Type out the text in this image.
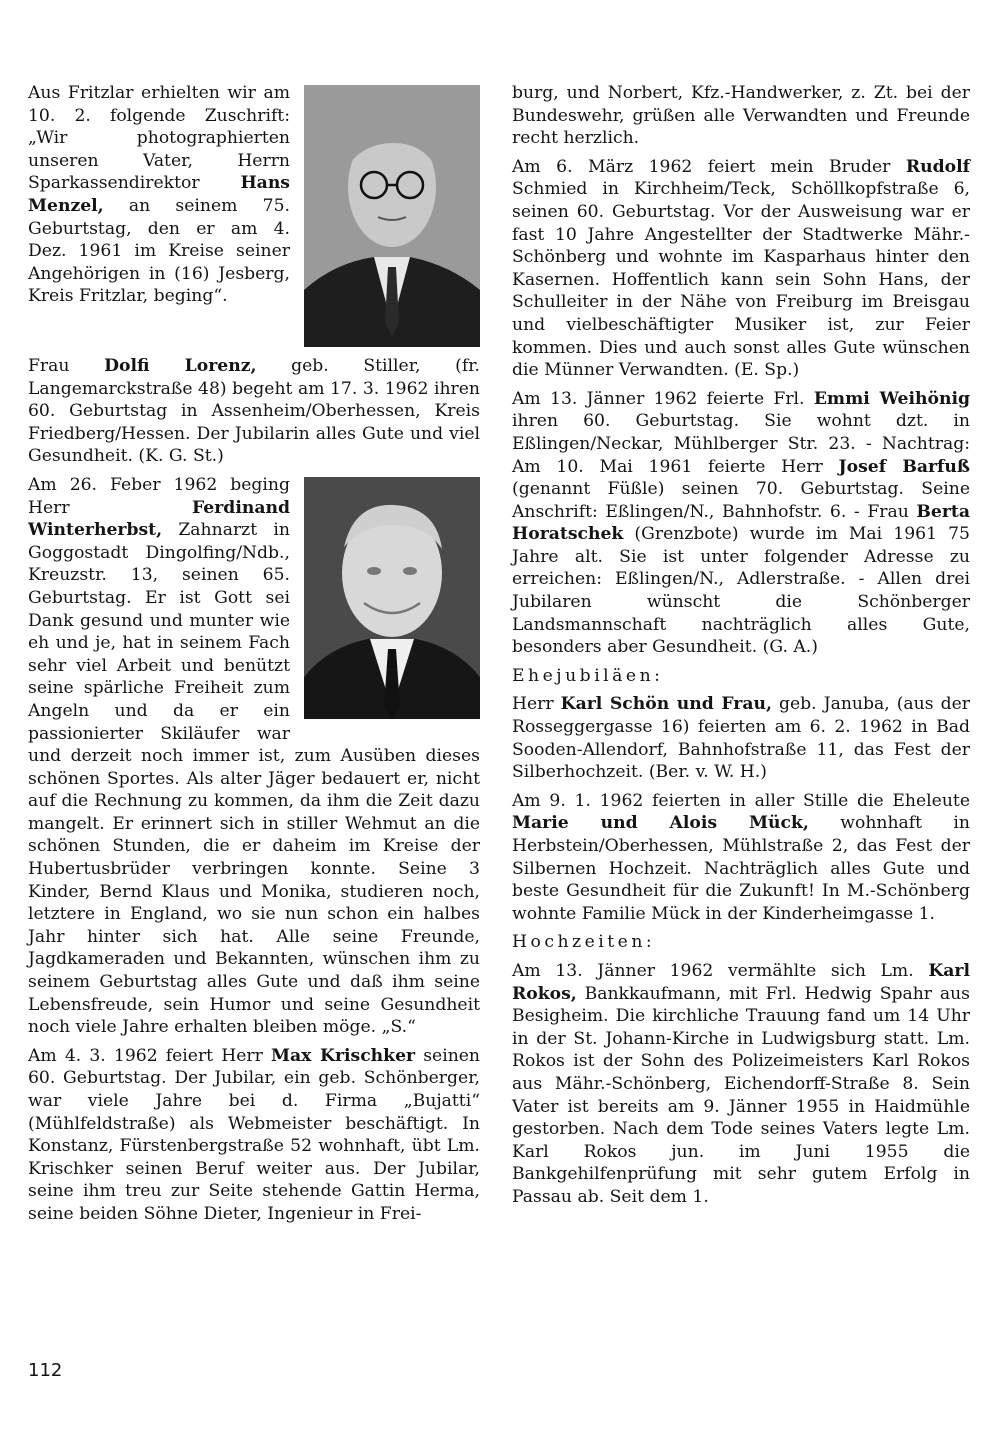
Aus Fritzlar erhielten wir am 10. 2. folgende Zuschrift: „Wir photographierten unseren Vater, Herrn Sparkassendirektor Hans Menzel, an seinem 75. Geburtstag, den er am 4. Dez. 1961 im Kreise seiner Angehörigen in (16) Jesberg, Kreis Fritzlar, beging“.

Frau Dolfi Lorenz, geb. Stiller, (fr. Langemarckstraße 48) begeht am 17. 3. 1962 ihren 60. Geburtstag in Assenheim/Oberhessen, Kreis Friedberg/Hessen. Der Jubilarin alles Gute und viel Gesundheit. (K. G. St.)

Am 26. Feber 1962 beging Herr Ferdinand Winterherbst, Zahnarzt in Goggostadt Dingolfing/Ndb., Kreuzstr. 13, seinen 65. Geburtstag. Er ist Gott sei Dank gesund und munter wie eh und je, hat in seinem Fach sehr viel Arbeit und benützt seine spärliche Freiheit zum Angeln und da er ein passionierter Skiläufer war und derzeit noch immer ist, zum Ausüben dieses schönen Sportes. Als alter Jäger bedauert er, nicht auf die Rechnung zu kommen, da ihm die Zeit dazu mangelt. Er erinnert sich in stiller Wehmut an die schönen Stunden, die er daheim im Kreise der Hubertusbrüder verbringen konnte. Seine 3 Kinder, Bernd Klaus und Monika, studieren noch, letztere in England, wo sie nun schon ein halbes Jahr hinter sich hat. Alle seine Freunde, Jagdkameraden und Bekannten, wünschen ihm zu seinem Geburtstag alles Gute und daß ihm seine Lebensfreude, sein Humor und seine Gesundheit noch viele Jahre erhalten bleiben möge. „S.“

Am 4. 3. 1962 feiert Herr Max Krischker seinen 60. Geburtstag. Der Jubilar, ein geb. Schönberger, war viele Jahre bei d. Firma „Bujatti“ (Mühlfeldstraße) als Webmeister beschäftigt. In Konstanz, Fürstenbergstraße 52 wohnhaft, übt Lm. Krischker seinen Beruf weiter aus. Der Jubilar, seine ihm treu zur Seite stehende Gattin Herma, seine beiden Söhne Dieter, Ingenieur in Frei-

burg, und Norbert, Kfz.-Handwerker, z. Zt. bei der Bundeswehr, grüßen alle Verwandten und Freunde recht herzlich.

Am 6. März 1962 feiert mein Bruder Rudolf Schmied in Kirchheim/Teck, Schöllkopfstraße 6, seinen 60. Geburtstag. Vor der Ausweisung war er fast 10 Jahre Angestellter der Stadtwerke Mähr.-Schönberg und wohnte im Kasparhaus hinter den Kasernen. Hoffentlich kann sein Sohn Hans, der Schulleiter in der Nähe von Freiburg im Breisgau und vielbeschäftigter Musiker ist, zur Feier kommen. Dies und auch sonst alles Gute wünschen die Münner Verwandten. (E. Sp.)

Am 13. Jänner 1962 feierte Frl. Emmi Weihönig ihren 60. Geburtstag. Sie wohnt dzt. in Eßlingen/Neckar, Mühlberger Str. 23. - Nachtrag: Am 10. Mai 1961 feierte Herr Josef Barfuß (genannt Füßle) seinen 70. Geburtstag. Seine Anschrift: Eßlingen/N., Bahnhofstr. 6. - Frau Berta Horatschek (Grenzbote) wurde im Mai 1961 75 Jahre alt. Sie ist unter folgender Adresse zu erreichen: Eßlingen/N., Adlerstraße. - Allen drei Jubilaren wünscht die Schönberger Landsmannschaft nachträglich alles Gute, besonders aber Gesundheit. (G. A.)

Ehejubiläen:

Herr Karl Schön und Frau, geb. Januba, (aus der Rosseggergasse 16) feierten am 6. 2. 1962 in Bad Sooden-Allendorf, Bahnhofstraße 11, das Fest der Silberhochzeit. (Ber. v. W. H.)

Am 9. 1. 1962 feierten in aller Stille die Eheleute Marie und Alois Mück, wohnhaft in Herbstein/Oberhessen, Mühlstraße 2, das Fest der Silbernen Hochzeit. Nachträglich alles Gute und beste Gesundheit für die Zukunft! In M.-Schönberg wohnte Familie Mück in der Kinderheimgasse 1.

Hochzeiten:

Am 13. Jänner 1962 vermählte sich Lm. Karl Rokos, Bankkaufmann, mit Frl. Hedwig Spahr aus Besigheim. Die kirchliche Trauung fand um 14 Uhr in der St. Johann-Kirche in Ludwigsburg statt. Lm. Rokos ist der Sohn des Polizeimeisters Karl Rokos aus Mähr.-Schönberg, Eichendorff-Straße 8. Sein Vater ist bereits am 9. Jänner 1955 in Haidmühle gestorben. Nach dem Tode seines Vaters legte Lm. Karl Rokos jun. im Juni 1955 die Bankgehilfenprüfung mit sehr gutem Erfolg in Passau ab. Seit dem 1.

112
